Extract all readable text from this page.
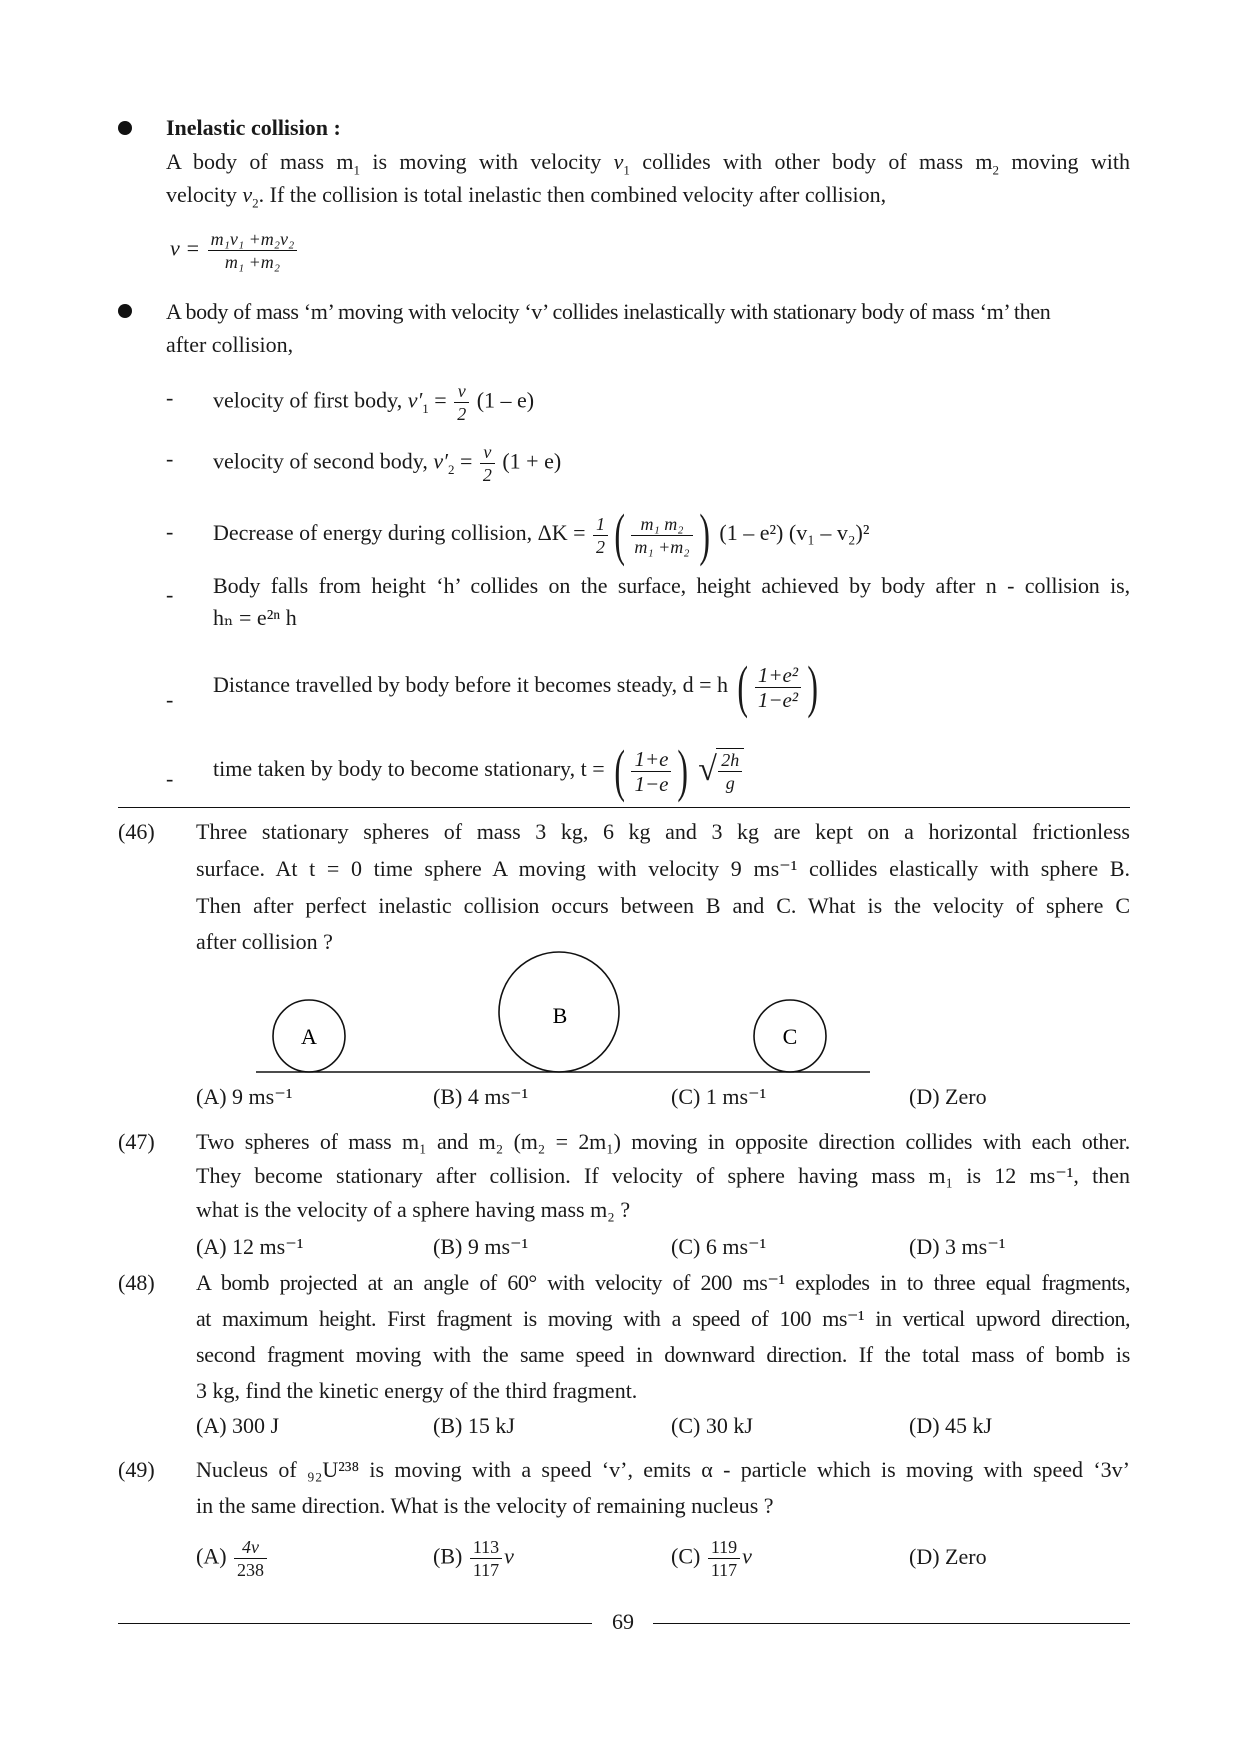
Inelastic collision :
A body of mass $m_1$ is moving with velocity $v_1$ collides with other body of mass $m_2$ moving with
velocity $v_2$. If the collision is total inelastic then combined velocity after collision,
$v = \frac{\text{m₁v₁ +m₂v₂}}{\text{m₁ +m₂}}$
A body of mass ‘m’ moving with velocity ‘v’ collides inelastically with stationary body of mass ‘m’ then
after collision,
- velocity of first body, $v'_1 = \frac{v}{2} (1 - e)$
- velocity of second body, $v'_2 = \frac{v}{2} (1 + e)$
- Decrease of energy during collision, $\Delta K = \frac{1}{2}$ ( $\frac{\text{m₁ m₂}}{\text{m₁ +m₂}}$ ) (1 – e²) (v₁ – v₂)²
- Body falls from height ‘h’ collides on the surface, height achieved by body after n - collision is,
hₙ = e²ⁿ h
-
Distance travelled by body before it becomes steady, d = h ( $\frac{\text{1+e²}}{\text{1−e²}}$ )
- time taken by body to become stationary, t = ( $\frac{1+e}{1-e}$ ) √ $\frac{2h}{g}$
(46) Three stationary spheres of mass 3 kg, 6 kg and 3 kg are kept on a horizontal frictionless
surface. At t = 0 time sphere A moving with velocity 9 ms⁻¹ collides elastically with sphere B.
Then after perfect inelastic collision occurs between B and C. What is the velocity of sphere C
after collision ?
A
B
C
(A) 9 ms⁻¹	(B) 4 ms⁻¹	(C) 1 ms⁻¹	(D) Zero
(47) Two spheres of mass m₁ and m₂ (m₂ = 2m₁) moving in opposite direction collides with each other.
They become stationary after collision. If velocity of sphere having mass m₁ is 12 ms⁻¹, then
what is the velocity of a sphere having mass m₂ ?
(A) 12 ms⁻¹	(B) 9 ms⁻¹	(C) 6 ms⁻¹	(D) 3 ms⁻¹
(48) A bomb projected at an angle of 60° with velocity of 200 ms⁻¹ explodes in to three equal fragments,
at maximum height. First fragment is moving with a speed of 100 ms⁻¹ in vertical upword direction,
second fragment moving with the same speed in downward direction. If the total mass of bomb is
3 kg, find the kinetic energy of the third fragment.
(A) 300 J	(B) 15 kJ	(C) 30 kJ	(D) 45 kJ
(49) Nucleus of ₉₂U²³⁸ is moving with a speed ‘v’, emits α - particle which is moving with speed ‘3v’
in the same direction. What is the velocity of remaining nucleus ?
$(A) \frac{4v}{238}$	$(B) \frac{113}{117}$ v	$(C) \frac{119}{117}$ v	(D) Zero
69
